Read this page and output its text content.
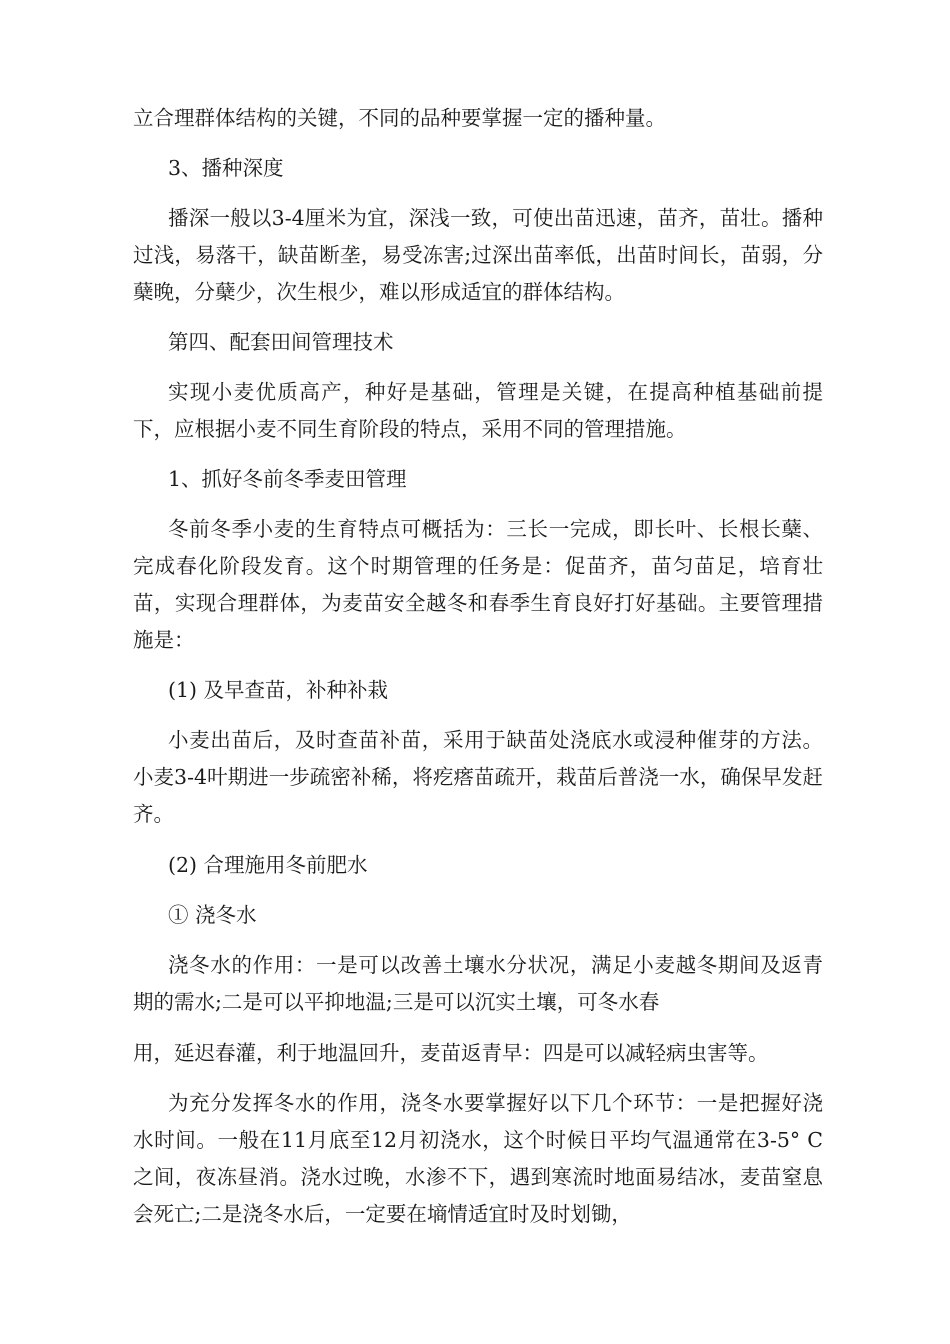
立合理群体结构的关键，不同的品种要掌握一定的播种量。

3、播种深度

播深一般以3-4厘米为宜，深浅一致，可使出苗迅速，苗齐，苗壮。播种过浅，易落干，缺苗断垄，易受冻害;过深出苗率低，出苗时间长，苗弱，分蘖晚，分蘖少，次生根少，难以形成适宜的群体结构。

第四、配套田间管理技术

实现小麦优质高产，种好是基础，管理是关键，在提高种植基础前提下，应根据小麦不同生育阶段的特点，采用不同的管理措施。

1、抓好冬前冬季麦田管理

冬前冬季小麦的生育特点可概括为：三长一完成，即长叶、长根长蘖、完成春化阶段发育。这个时期管理的任务是：促苗齐，苗匀苗足，培育壮苗，实现合理群体，为麦苗安全越冬和春季生育良好打好基础。主要管理措施是：

(1) 及早查苗，补种补栽

小麦出苗后，及时查苗补苗，采用于缺苗处浇底水或浸种催芽的方法。小麦3-4叶期进一步疏密补稀，将疙瘩苗疏开，栽苗后普浇一水，确保早发赶齐。

(2) 合理施用冬前肥水

① 浇冬水

浇冬水的作用：一是可以改善土壤水分状况，满足小麦越冬期间及返青期的需水;二是可以平抑地温;三是可以沉实土壤，可冬水春

用，延迟春灌，利于地温回升，麦苗返青早：四是可以减轻病虫害等。

为充分发挥冬水的作用，浇冬水要掌握好以下几个环节：一是把握好浇水时间。一般在11月底至12月初浇水，这个时候日平均气温通常在3-5° C之间，夜冻昼消。浇水过晚，水渗不下，遇到寒流时地面易结冰，麦苗窒息会死亡;二是浇冬水后，一定要在墒情适宜时及时划锄，
